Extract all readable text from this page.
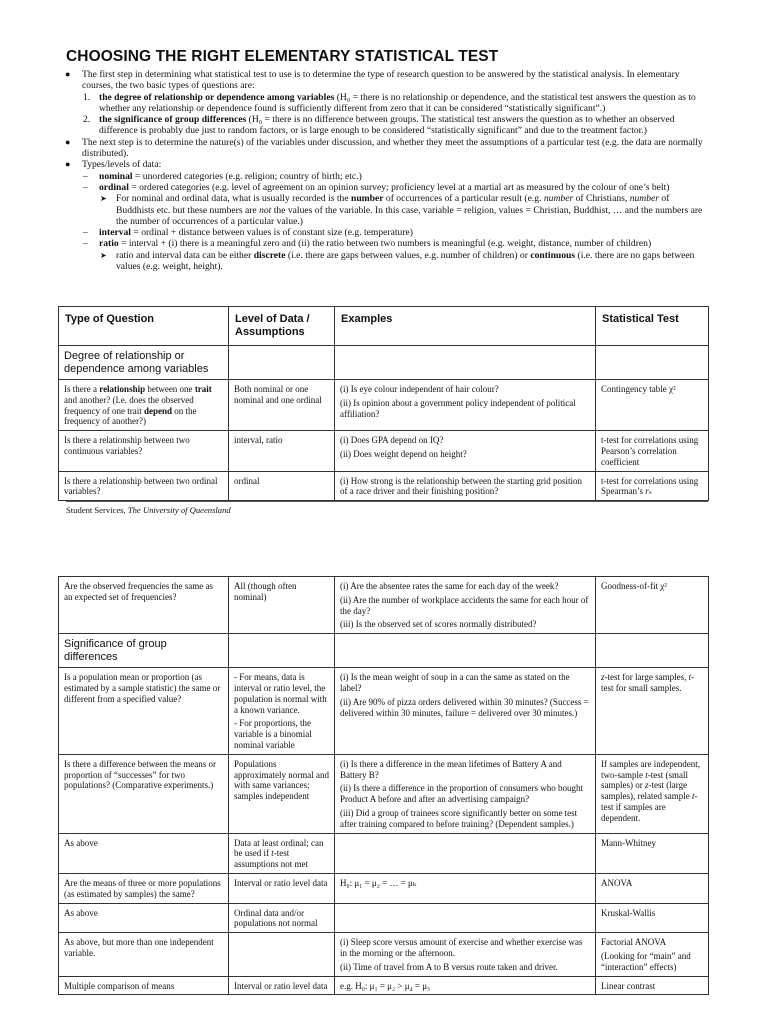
CHOOSING THE RIGHT ELEMENTARY STATISTICAL TEST
● The first step in determining what statistical test to use is to determine the type of research question to be answered by the statistical analysis. In elementary courses, the two basic types of questions are:
1. the degree of relationship or dependence among variables (H₀ = there is no relationship or dependence, and the statistical test answers the question as to whether any relationship or dependence found is sufficiently different from zero that it can be considered “statistically significant”.)
2. the significance of group differences (H₀ = there is no difference between groups. The statistical test answers the question as to whether an observed difference is probably due just to random factors, or is large enough to be considered “statistically significant” and due to the treatment factor.)
● The next step is to determine the nature(s) of the variables under discussion, and whether they meet the assumptions of a particular test (e.g. the data are normally distributed).
● Types/levels of data:
– nominal = unordered categories (e.g. religion; country of birth; etc.)
– ordinal = ordered categories (e.g. level of agreement on an opinion survey; proficiency level at a martial art as measured by the colour of one’s belt)
➤ For nominal and ordinal data, what is usually recorded is the number of occurrences of a particular result (e.g. number of Christians, number of Buddhists etc. but these numbers are not the values of the variable. In this case, variable = religion, values = Christian, Buddhist, … and the numbers are the number of occurrences of a particular value.)
– interval = ordinal + distance between values is of constant size (e.g. temperature)
– ratio = interval + (i) there is a meaningful zero and (ii) the ratio between two numbers is meaningful (e.g. weight, distance, number of children)
➤ ratio and interval data can be either discrete (i.e. there are gaps between values, e.g. number of children) or continuous (i.e. there are no gaps between values (e.g. weight, height).
Type of Question	Level of Data / Assumptions	Examples	Statistical Test
Degree of relationship or dependence among variables			
Is there a relationship between one trait and another? (I.e. does the observed frequency of one trait depend on the frequency of another?)	Both nominal or one nominal and one ordinal	(i) Is eye colour independent of hair colour?
(ii) Is opinion about a government policy independent of political affiliation?	Contingency table χ²
Is there a relationship between two continuous variables?	interval, ratio	(i) Does GPA depend on IQ?
(ii) Does weight depend on height?	t-test for correlations using Pearson’s correlation coefficient
Is there a relationship between two ordinal variables?	ordinal	(i) How strong is the relationship between the starting grid position of a race driver and their finishing position?	t-test for correlations using Spearman’s rₛ
Student Services, The University of Queensland
Are the observed frequencies the same as an expected set of frequencies?	All (though often nominal)	(i) Are the absentee rates the same for each day of the week?
(ii) Are the number of workplace accidents the same for each hour of the day?
(iii) Is the observed set of scores normally distributed?	Goodness-of-fit χ²
Significance of group differences			
Is a population mean or proportion (as estimated by a sample statistic) the same or different from a specified value?	- For means, data is interval or ratio level, the population is normal with a known variance.
- For proportions, the variable is a binomial nominal variable	(i) Is the mean weight of soup in a can the same as stated on the label?
(ii) Are 90% of pizza orders delivered within 30 minutes? (Success = delivered within 30 minutes, failure = delivered over 30 minutes.)	z-test for large samples, t-test for small samples.
Is there a difference between the means or proportion of “successes” for two populations? (Comparative experiments.)	Populations approximately normal and with same variances; samples independent	(i) Is there a difference in the mean lifetimes of Battery A and Battery B?
(ii) Is there a difference in the proportion of consumers who bought Product A before and after an advertising campaign?
(iii) Did a group of trainees score significantly better on some test after training compared to before training? (Dependent samples.)	If samples are independent, two-sample t-test (small samples) or z-test (large samples), related sample t-test if samples are dependent.
As above	Data at least ordinal; can be used if t-test assumptions not met		Mann-Whitney
Are the means of three or more populations (as estimated by samples) the same?	Interval or ratio level data	H₀: μ₁ = μ₂ = … = μₖ	ANOVA
As above	Ordinal data and/or populations not normal		Kruskal-Wallis
As above, but more than one independent variable.		(i) Sleep score versus amount of exercise and whether exercise was in the morning or the afternoon.
(ii) Time of travel from A to B versus route taken and driver.	Factorial ANOVA
(Looking for “main” and “interaction” effects)

Multiple comparison of means	Interval or ratio level data	e.g. H₀: μ₁ = μ₂ > μ₄ = μ₅	Linear contrast
